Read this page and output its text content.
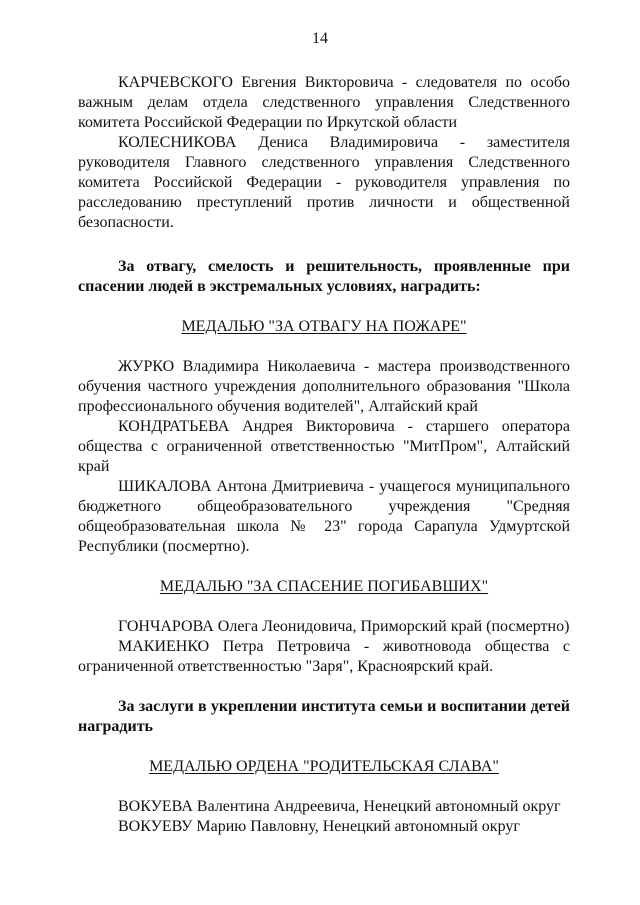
14

КАРЧЕВСКОГО Евгения Викторовича - следователя по особо важным делам отдела следственного управления Следственного комитета Российской Федерации по Иркутской области

КОЛЕСНИКОВА Дениса Владимировича - заместителя руководителя Главного следственного управления Следственного комитета Российской Федерации - руководителя управления по расследованию преступлений против личности и общественной безопасности.

За отвагу, смелость и решительность, проявленные при спасении людей в экстремальных условиях, наградить:

МЕДАЛЬЮ "ЗА ОТВАГУ НА ПОЖАРЕ"

ЖУРКО Владимира Николаевича - мастера производственного обучения частного учреждения дополнительного образования "Школа профессионального обучения водителей", Алтайский край

КОНДРАТЬЕВА Андрея Викторовича - старшего оператора общества с ограниченной ответственностью "МитПром", Алтайский край

ШИКАЛОВА Антона Дмитриевича - учащегося муниципального бюджетного общеобразовательного учреждения "Средняя общеобразовательная школа № 23" города Сарапула Удмуртской Республики (посмертно).

МЕДАЛЬЮ "ЗА СПАСЕНИЕ ПОГИБАВШИХ"

ГОНЧАРОВА Олега Леонидовича, Приморский край (посмертно)

МАКИЕНКО Петра Петровича - животновода общества с ограниченной ответственностью "Заря", Красноярский край.

За заслуги в укреплении института семьи и воспитании детей наградить

МЕДАЛЬЮ ОРДЕНА "РОДИТЕЛЬСКАЯ СЛАВА"

ВОКУЕВА Валентина Андреевича, Ненецкий автономный округ

ВОКУЕВУ Марию Павловну, Ненецкий автономный округ
